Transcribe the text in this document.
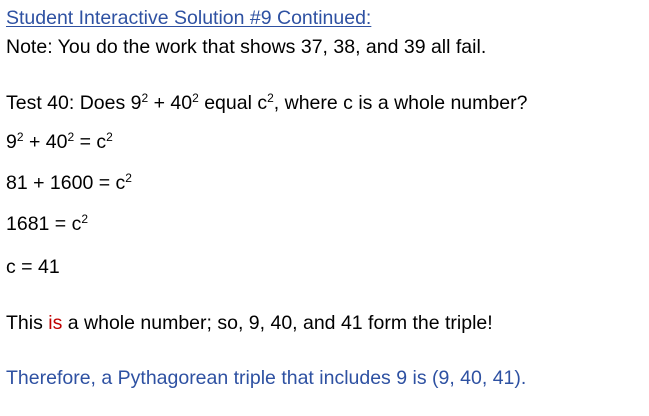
Student Interactive Solution #9 Continued:
Note: You do the work that shows 37, 38, and 39 all fail.
Test 40: Does $9^2 + 40^2$ equal $c^2$, where c is a whole number?
$9^2 + 40^2 = c^2$
$81 + 1600 = c^2$
$1681 = c^2$
c = 41
This is a whole number; so, 9, 40, and 41 form the triple!
Therefore, a Pythagorean triple that includes 9 is (9, 40, 41).
